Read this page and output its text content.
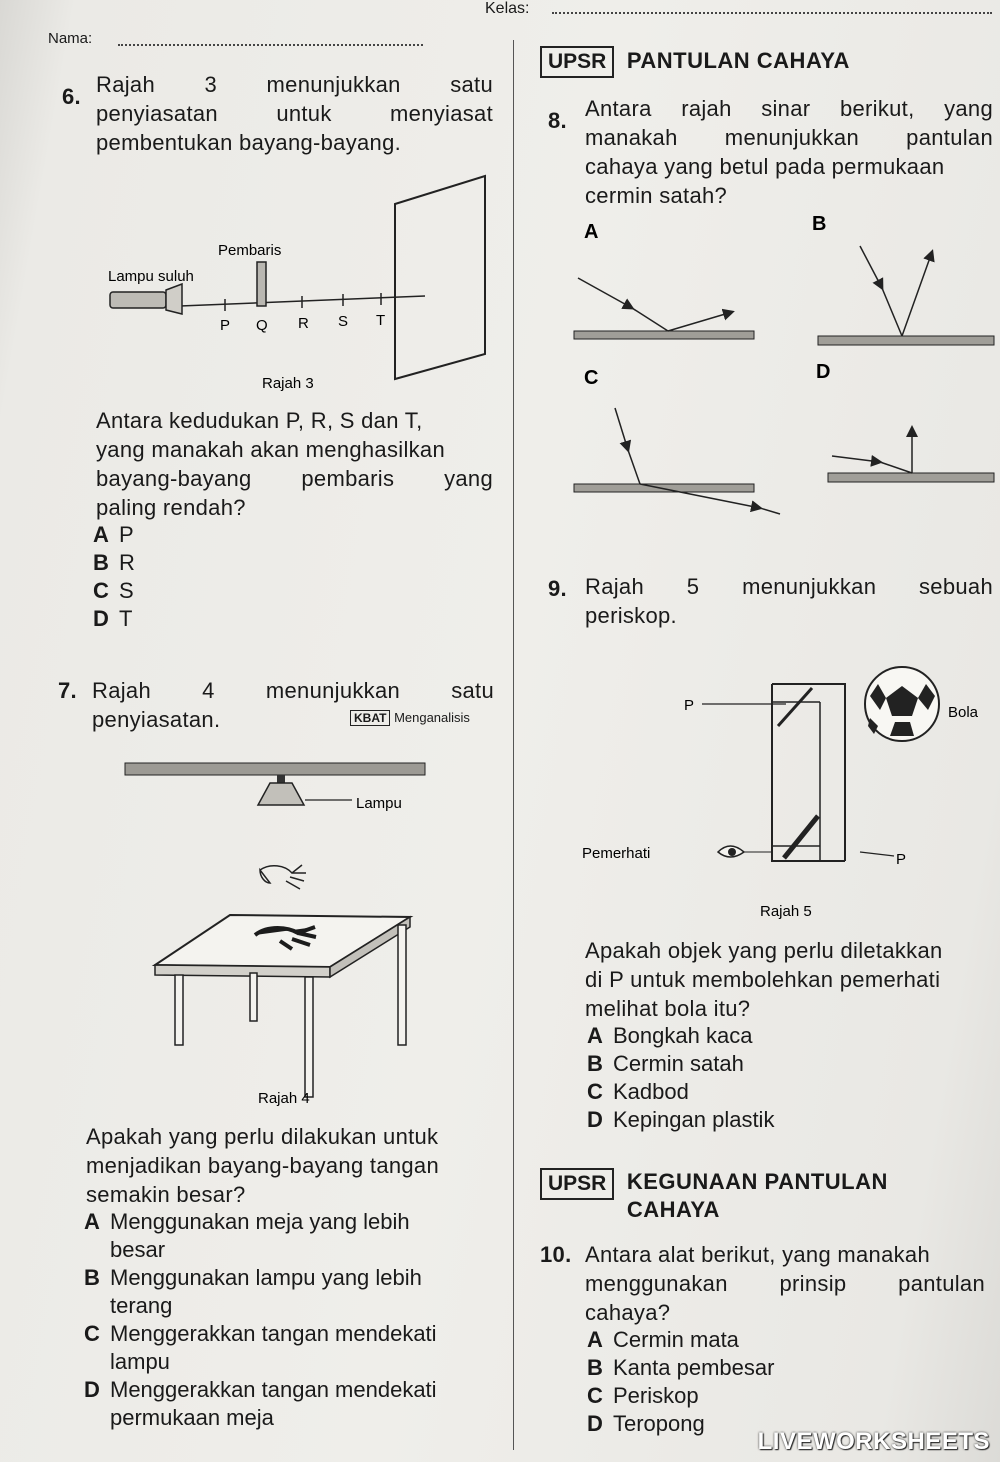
Nama:
Kelas:
6. Rajah 3 menunjukkan satu
penyiasatan untuk menyiasat
pembentukan bayang-bayang.
Lampu suluh
Pembaris
P Q R S T
Rajah 3
Antara kedudukan P, R, S dan T,
yang manakah akan menghasilkan
bayang-bayang pembaris yang
paling rendah?
A P
B R
C S
D T
7. Rajah 4 menunjukkan satu
penyiasatan.	KBAT Menganalisis
Lampu
Rajah 4
Apakah yang perlu dilakukan untuk
menjadikan bayang-bayang tangan
semakin besar?
A Menggunakan meja yang lebih
besar
B Menggunakan lampu yang lebih
terang
C Menggerakkan tangan mendekati
lampu
D Menggerakkan tangan mendekati
permukaan meja
UPSR PANTULAN CAHAYA
8. Antara rajah sinar berikut, yang
manakah menunjukkan pantulan
cahaya yang betul pada permukaan
cermin satah?
A	B
C	D
9. Rajah 5 menunjukkan sebuah
periskop.
P
P
Pemerhati
Bola
Rajah 5
Apakah objek yang perlu diletakkan
di P untuk membolehkan pemerhati
melihat bola itu?
A Bongkah kaca
B Cermin satah
C Kadbod
D Kepingan plastik
UPSR KEGUNAAN PANTULAN
CAHAYA
10. Antara alat berikut, yang manakah
menggunakan prinsip pantulan
cahaya?
A Cermin mata
B Kanta pembesar
C Periskop
D Teropong
LIVEWORKSHEETS
